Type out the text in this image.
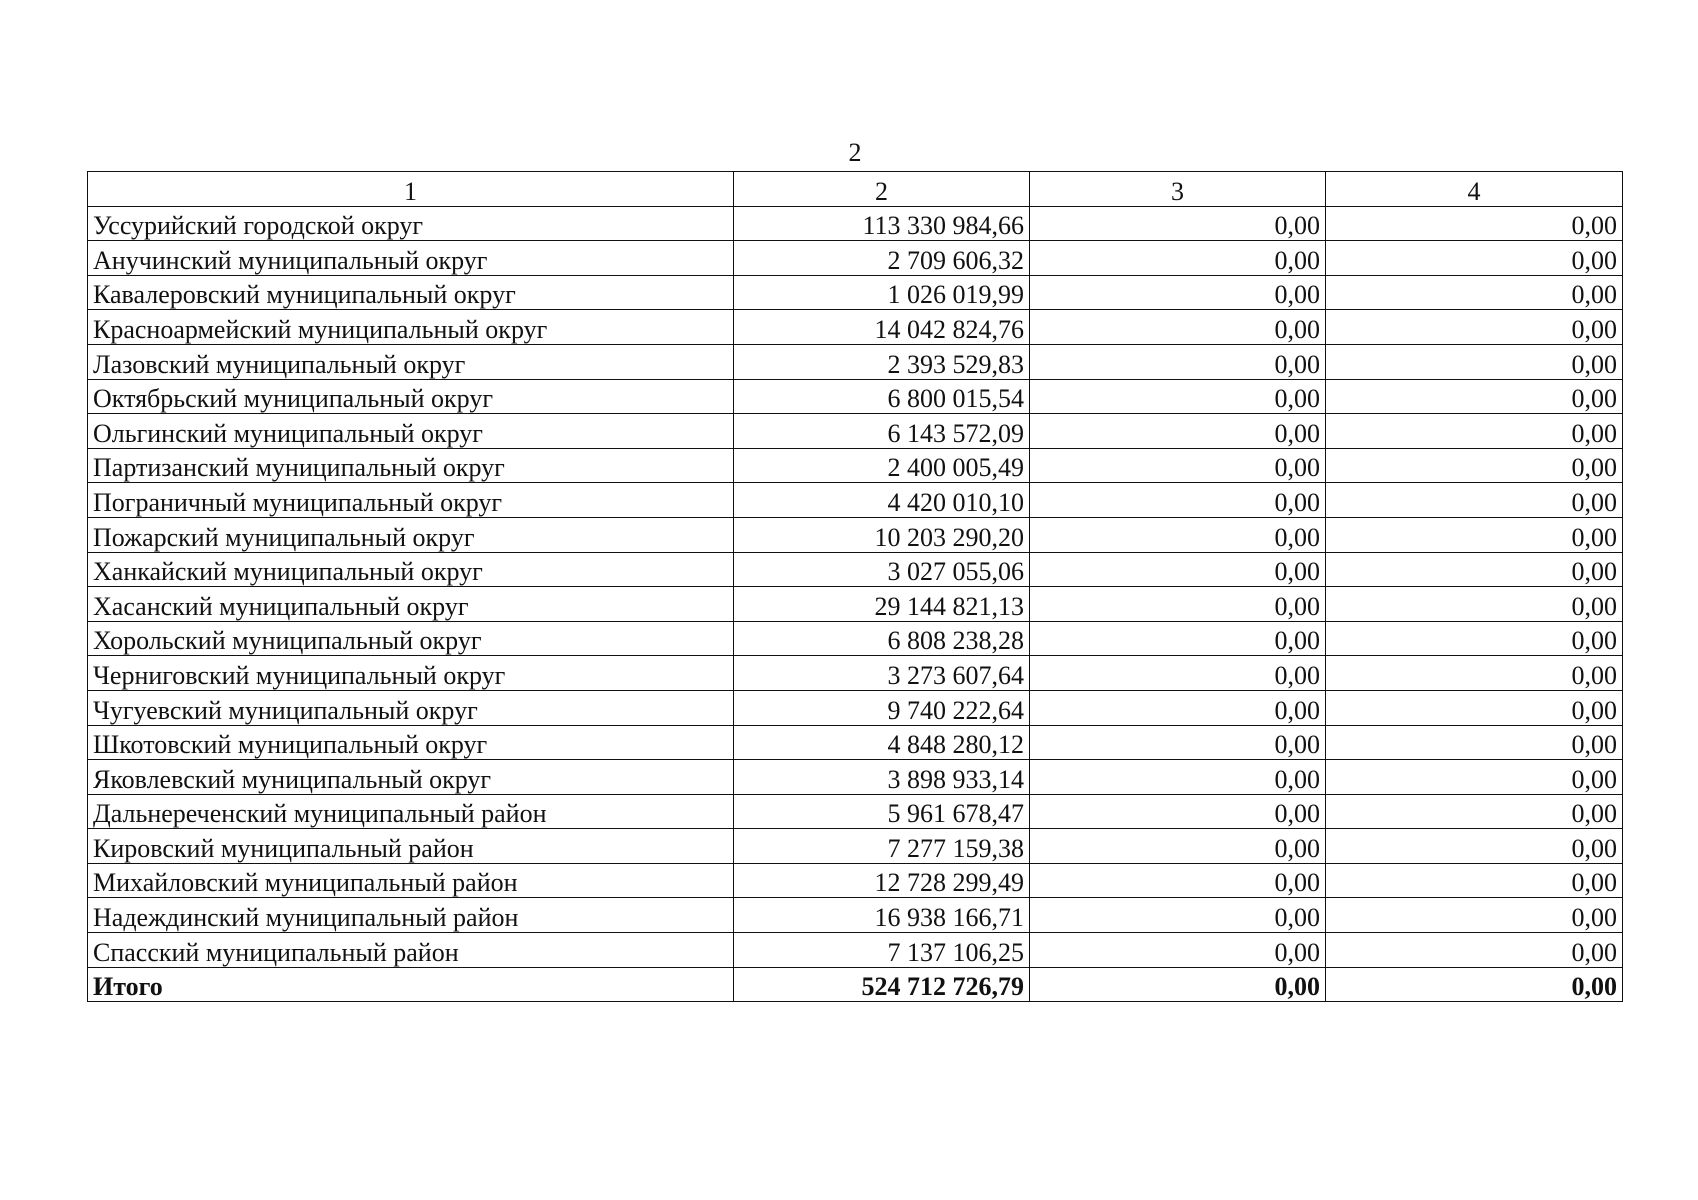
2
1	2	3	4
Уссурийский городской округ	113 330 984,66	0,00	0,00
Анучинский муниципальный округ	2 709 606,32	0,00	0,00
Кавалеровский муниципальный округ	1 026 019,99	0,00	0,00
Красноармейский муниципальный округ	14 042 824,76	0,00	0,00
Лазовский муниципальный округ	2 393 529,83	0,00	0,00
Октябрьский муниципальный округ	6 800 015,54	0,00	0,00
Ольгинский муниципальный округ	6 143 572,09	0,00	0,00
Партизанский муниципальный округ	2 400 005,49	0,00	0,00
Пограничный муниципальный округ	4 420 010,10	0,00	0,00
Пожарский муниципальный округ	10 203 290,20	0,00	0,00
Ханкайский муниципальный округ	3 027 055,06	0,00	0,00
Хасанский муниципальный округ	29 144 821,13	0,00	0,00
Хорольский муниципальный округ	6 808 238,28	0,00	0,00
Черниговский муниципальный округ	3 273 607,64	0,00	0,00
Чугуевский муниципальный округ	9 740 222,64	0,00	0,00
Шкотовский муниципальный округ	4 848 280,12	0,00	0,00
Яковлевский муниципальный округ	3 898 933,14	0,00	0,00
Дальнереченский муниципальный район	5 961 678,47	0,00	0,00
Кировский муниципальный район	7 277 159,38	0,00	0,00
Михайловский муниципальный район	12 728 299,49	0,00	0,00
Надеждинский муниципальный район	16 938 166,71	0,00	0,00
Спасский муниципальный район	7 137 106,25	0,00	0,00
Итого	524 712 726,79	0,00	0,00
